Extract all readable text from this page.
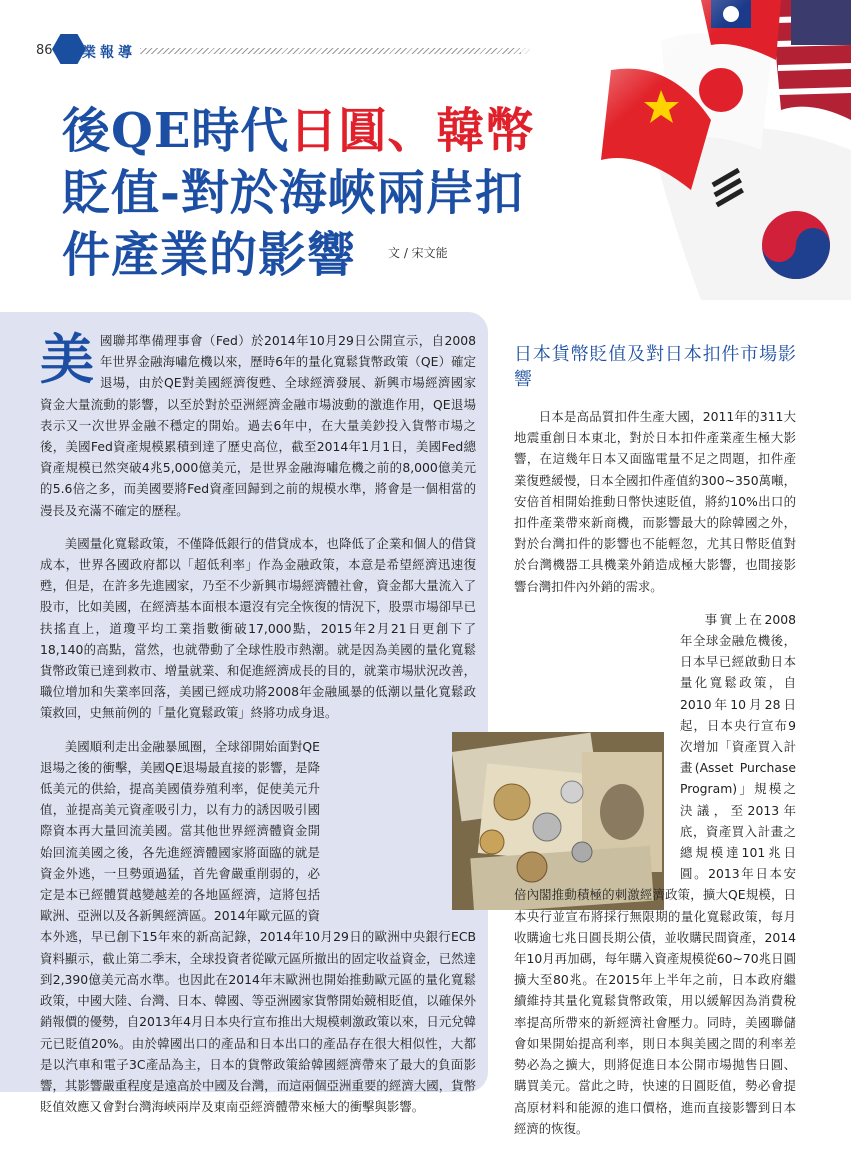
86 產業報導
後QE時代日圓、韓幣
貶值-對於海峽兩岸扣
件產業的影響	文 / 宋文能

美國聯邦準備理事會（Fed）於2014年10月29日公開宣示，自2008年世界金融海嘯危機以來，歷時6年的量化寬鬆貨幣政策（QE）確定退場，由於QE對美國經濟復甦、全球經濟發展、新興市場經濟國家資金大量流動的影響，以至於對於亞洲經濟金融市場波動的激進作用，QE退場表示又一次世界金融不穩定的開始。過去6年中，在大量美鈔投入貨幣市場之後，美國Fed資產規模累積到達了歷史高位，截至2014年1月1日，美國Fed總資產規模已然突破4兆5,000億美元，是世界金融海嘯危機之前的8,000億美元的5.6倍之多，而美國要將Fed資產回歸到之前的規模水準，將會是一個相當的漫長及充滿不確定的歷程。

美國量化寬鬆政策，不僅降低銀行的借貸成本，也降低了企業和個人的借貸成本，世界各國政府都以「超低利率」作為金融政策，本意是希望經濟迅速復甦，但是，在許多先進國家，乃至不少新興市場經濟體社會，資金都大量流入了股市，比如美國，在經濟基本面根本還沒有完全恢復的情況下，股票市場卻早已扶搖直上，道瓊平均工業指數衝破17,000點，2015年2月21日更創下了18,140的高點，當然，也就帶動了全球性股市熱潮。就是因為美國的量化寬鬆貨幣政策已達到救市、增量就業、和促進經濟成長的目的，就業市場狀況改善，職位增加和失業率回落，美國已經成功將2008年金融風暴的低潮以量化寬鬆政策救回，史無前例的「量化寬鬆政策」終將功成身退。

美國順利走出金融暴風圈，全球卻開始面對QE退場之後的衝擊，美國QE退場最直接的影響，是降低美元的供給，提高美國債券殖利率，促使美元升值，並提高美元資產吸引力，以有力的誘因吸引國際資本再大量回流美國。當其他世界經濟體資金開始回流美國之後，各先進經濟體國家將面臨的就是資金外逃，一旦勢頭過猛，首先會嚴重削弱的，必定是本已經體質越變越差的各地區經濟，這將包括歐洲、亞洲以及各新興經濟區。2014年歐元區的資本外逃，早已創下15年來的新高記錄，2014年10月29日的歐洲中央銀行ECB資料顯示，截止第二季末，全球投資者從歐元區所撤出的固定收益資金，已然達到2,390億美元高水準。也因此在2014年末歐洲也開始推動歐元區的量化寬鬆政策，中國大陸、台灣、日本、韓國、等亞洲國家貨幣開始競相貶值，以確保外銷報價的優勢，自2013年4月日本央行宣布推出大規模刺激政策以來，日元兌韓元已貶值20%。由於韓國出口的產品和日本出口的產品存在很大相似性，大都是以汽車和電子3C產品為主，日本的貨幣政策給韓國經濟帶來了最大的負面影響，其影響嚴重程度是遠高於中國及台灣，而這兩個亞洲重要的經濟大國，貨幣貶值效應又會對台灣海峽兩岸及東南亞經濟體帶來極大的衝擊與影響。

日本貨幣貶值及對日本扣件市場影響

日本是高品質扣件生產大國，2011年的311大地震重創日本東北，對於日本扣件產業產生極大影響，在這幾年日本又面臨電量不足之問題，扣件產業復甦緩慢，日本全國扣件產值約300~350萬噸，安倍首相開始推動日幣快速貶值，將約10%出口的扣件產業帶來新商機，而影響最大的除韓國之外，對於台灣扣件的影響也不能輕忽，尤其日幣貶值對於台灣機器工具機業外銷造成極大影響，也間接影響台灣扣件內外銷的需求。

事實上在2008年全球金融危機後，日本早已經啟動日本量化寬鬆政策，自2010年10月28日起，日本央行宣布9次增加「資產買入計畫(Asset Purchase Program)」規模之決議，至2013年底，資產買入計畫之總規模達101兆日圓。2013年日本安倍內閣推動積極的刺激經濟政策，擴大QE規模，日本央行並宣布將採行無限期的量化寬鬆政策，每月收購逾七兆日圓長期公債，並收購民間資產，2014年10月再加碼，每年購入資產規模從60~70兆日圓擴大至80兆。在2015年上半年之前，日本政府繼續維持其量化寬鬆貨幣政策，用以緩解因為消費稅率提高所帶來的新經濟社會壓力。同時，美國聯儲會如果開始提高利率，則日本與美國之間的利率差勢必為之擴大，則將促進日本公開市場拋售日圓、購買美元。當此之時，快速的日圓貶值，勢必會提高原材料和能源的進口價格，進而直接影響到日本經濟的恢復。
